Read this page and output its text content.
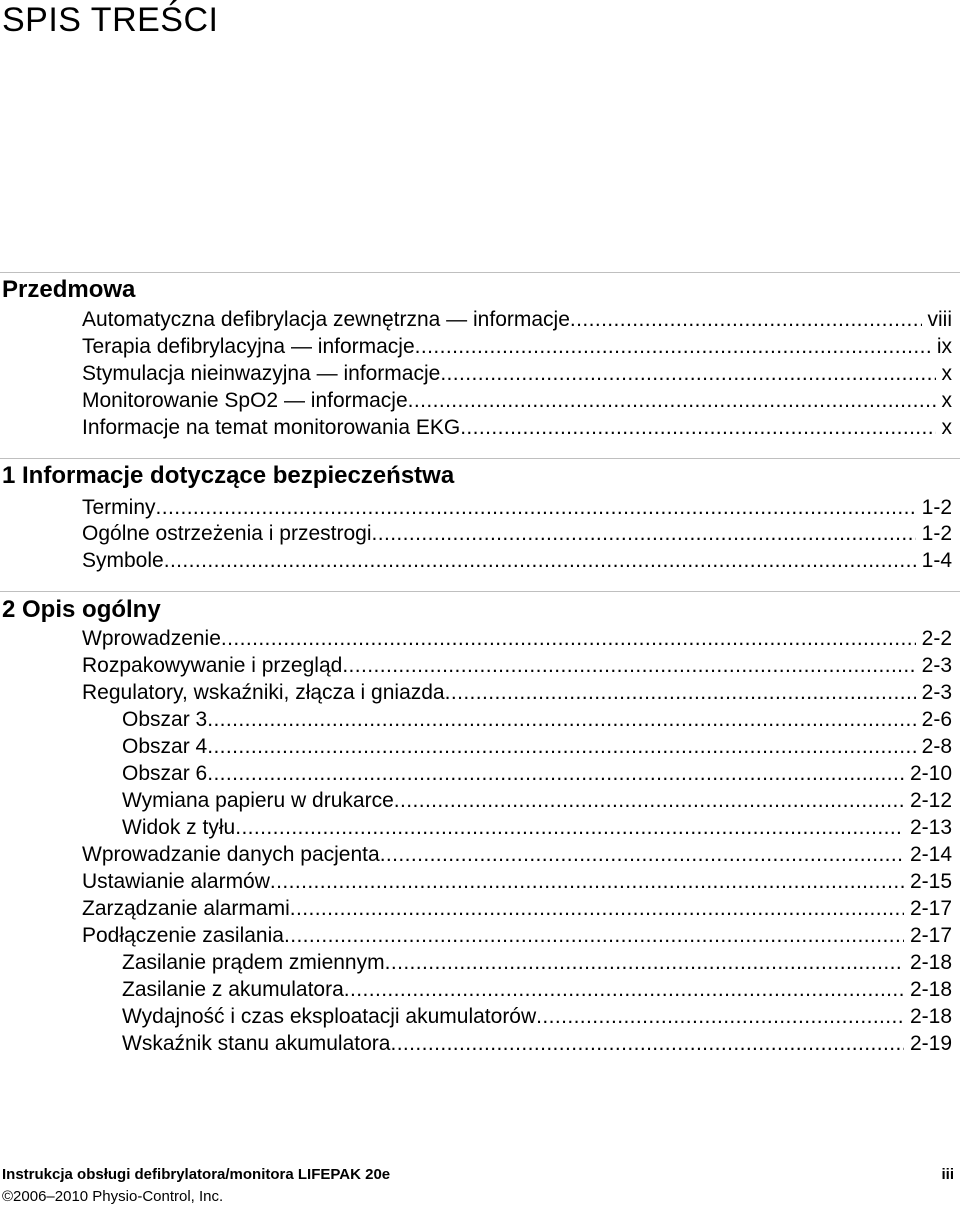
SPIS TREŚCI
Przedmowa
Automatyczna defibrylacja zewnętrzna — informacje .....	viii
Terapia defibrylacyjna — informacje .....	ix
Stymulacja nieinwazyjna — informacje .....	x
Monitorowanie SpO2 — informacje .....	x
Informacje na temat monitorowania EKG .....	x
1 Informacje dotyczące bezpieczeństwa
Terminy .....	1-2
Ogólne ostrzeżenia i przestrogi .....	1-2
Symbole .....	1-4
2 Opis ogólny
Wprowadzenie .....	2-2
Rozpakowywanie i przegląd .....	2-3
Regulatory, wskaźniki, złącza i gniazda .....	2-3
Obszar 3 .....	2-6
Obszar 4 .....	2-8
Obszar 6 .....	2-10
Wymiana papieru w drukarce .....	2-12
Widok z tyłu .....	2-13
Wprowadzanie danych pacjenta .....	2-14
Ustawianie alarmów .....	2-15
Zarządzanie alarmami .....	2-17
Podłączenie zasilania .....	2-17
Zasilanie prądem zmiennym .....	2-18
Zasilanie z akumulatora .....	2-18
Wydajność i czas eksploatacji akumulatorów .....	2-18
Wskaźnik stanu akumulatora .....	2-19
Instrukcja obsługi defibrylatora/monitora LIFEPAK 20e	iii
©2006–2010 Physio-Control, Inc.
